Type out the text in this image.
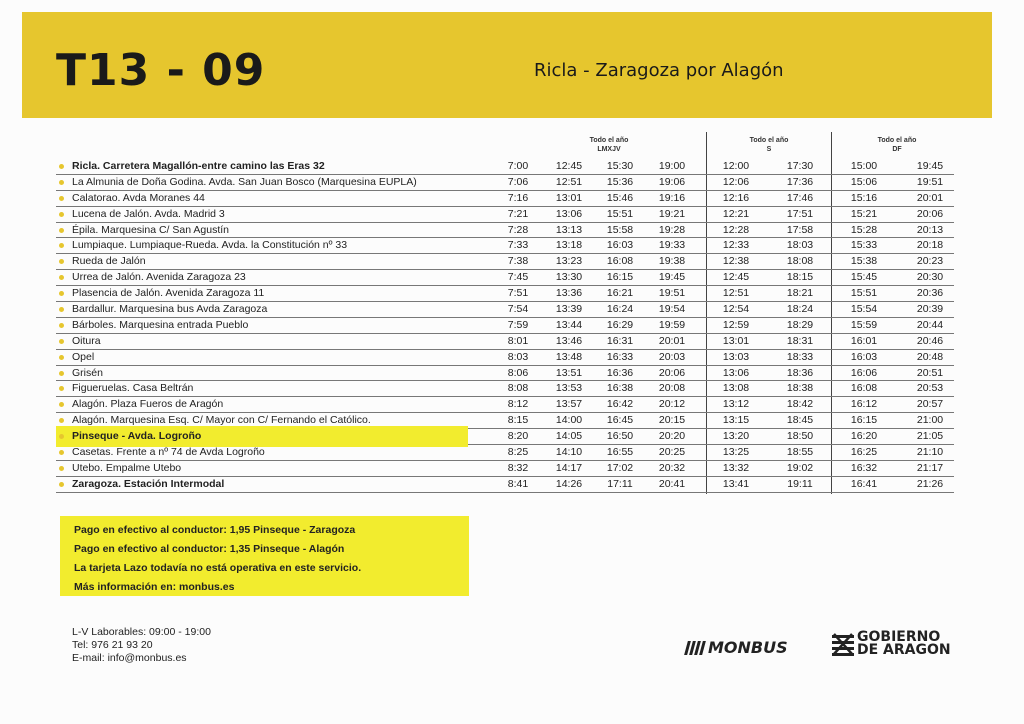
T13 - 09	Ricla - Zaragoza por Alagón
Todo el año
LMXJV
Todo el año
S
Todo el año
DF
Ricla. Carretera Magallón-entre camino las Eras 32	7:00	12:45	15:30	19:00	12:00	17:30	15:00	19:45
La Almunia de Doña Godina. Avda. San Juan Bosco (Marquesina EUPLA)	7:06	12:51	15:36	19:06	12:06	17:36	15:06	19:51
Calatorao. Avda Moranes 44	7:16	13:01	15:46	19:16	12:16	17:46	15:16	20:01
Lucena de Jalón. Avda. Madrid 3	7:21	13:06	15:51	19:21	12:21	17:51	15:21	20:06
Épila. Marquesina C/ San Agustín	7:28	13:13	15:58	19:28	12:28	17:58	15:28	20:13
Lumpiaque. Lumpiaque-Rueda. Avda. la Constitución nº 33	7:33	13:18	16:03	19:33	12:33	18:03	15:33	20:18
Rueda de Jalón	7:38	13:23	16:08	19:38	12:38	18:08	15:38	20:23
Urrea de Jalón. Avenida Zaragoza 23	7:45	13:30	16:15	19:45	12:45	18:15	15:45	20:30
Plasencia de Jalón. Avenida Zaragoza 11	7:51	13:36	16:21	19:51	12:51	18:21	15:51	20:36
Bardallur. Marquesina bus Avda Zaragoza	7:54	13:39	16:24	19:54	12:54	18:24	15:54	20:39
Bárboles. Marquesina entrada Pueblo	7:59	13:44	16:29	19:59	12:59	18:29	15:59	20:44
Oitura	8:01	13:46	16:31	20:01	13:01	18:31	16:01	20:46
Opel	8:03	13:48	16:33	20:03	13:03	18:33	16:03	20:48
Grisén	8:06	13:51	16:36	20:06	13:06	18:36	16:06	20:51
Figueruelas. Casa Beltrán	8:08	13:53	16:38	20:08	13:08	18:38	16:08	20:53
Alagón. Plaza Fueros de Aragón	8:12	13:57	16:42	20:12	13:12	18:42	16:12	20:57
Alagón. Marquesina Esq. C/ Mayor con C/ Fernando el Católico.	8:15	14:00	16:45	20:15	13:15	18:45	16:15	21:00
Pinseque - Avda. Logroño	8:20	14:05	16:50	20:20	13:20	18:50	16:20	21:05
Casetas. Frente a nº 74 de Avda Logroño	8:25	14:10	16:55	20:25	13:25	18:55	16:25	21:10
Utebo. Empalme Utebo	8:32	14:17	17:02	20:32	13:32	19:02	16:32	21:17
Zaragoza. Estación Intermodal	8:41	14:26	17:11	20:41	13:41	19:11	16:41	21:26
Pago en efectivo al conductor: 1,95 Pinseque - Zaragoza
Pago en efectivo al conductor: 1,35 Pinseque - Alagón
La tarjeta Lazo todavía no está operativa en este servicio.
Más información en: monbus.es
L-V Laborables: 09:00 - 19:00
Tel: 976 21 93 20
E-mail: info@monbus.es
MONBUS
GOBIERNO
DE ARAGON
